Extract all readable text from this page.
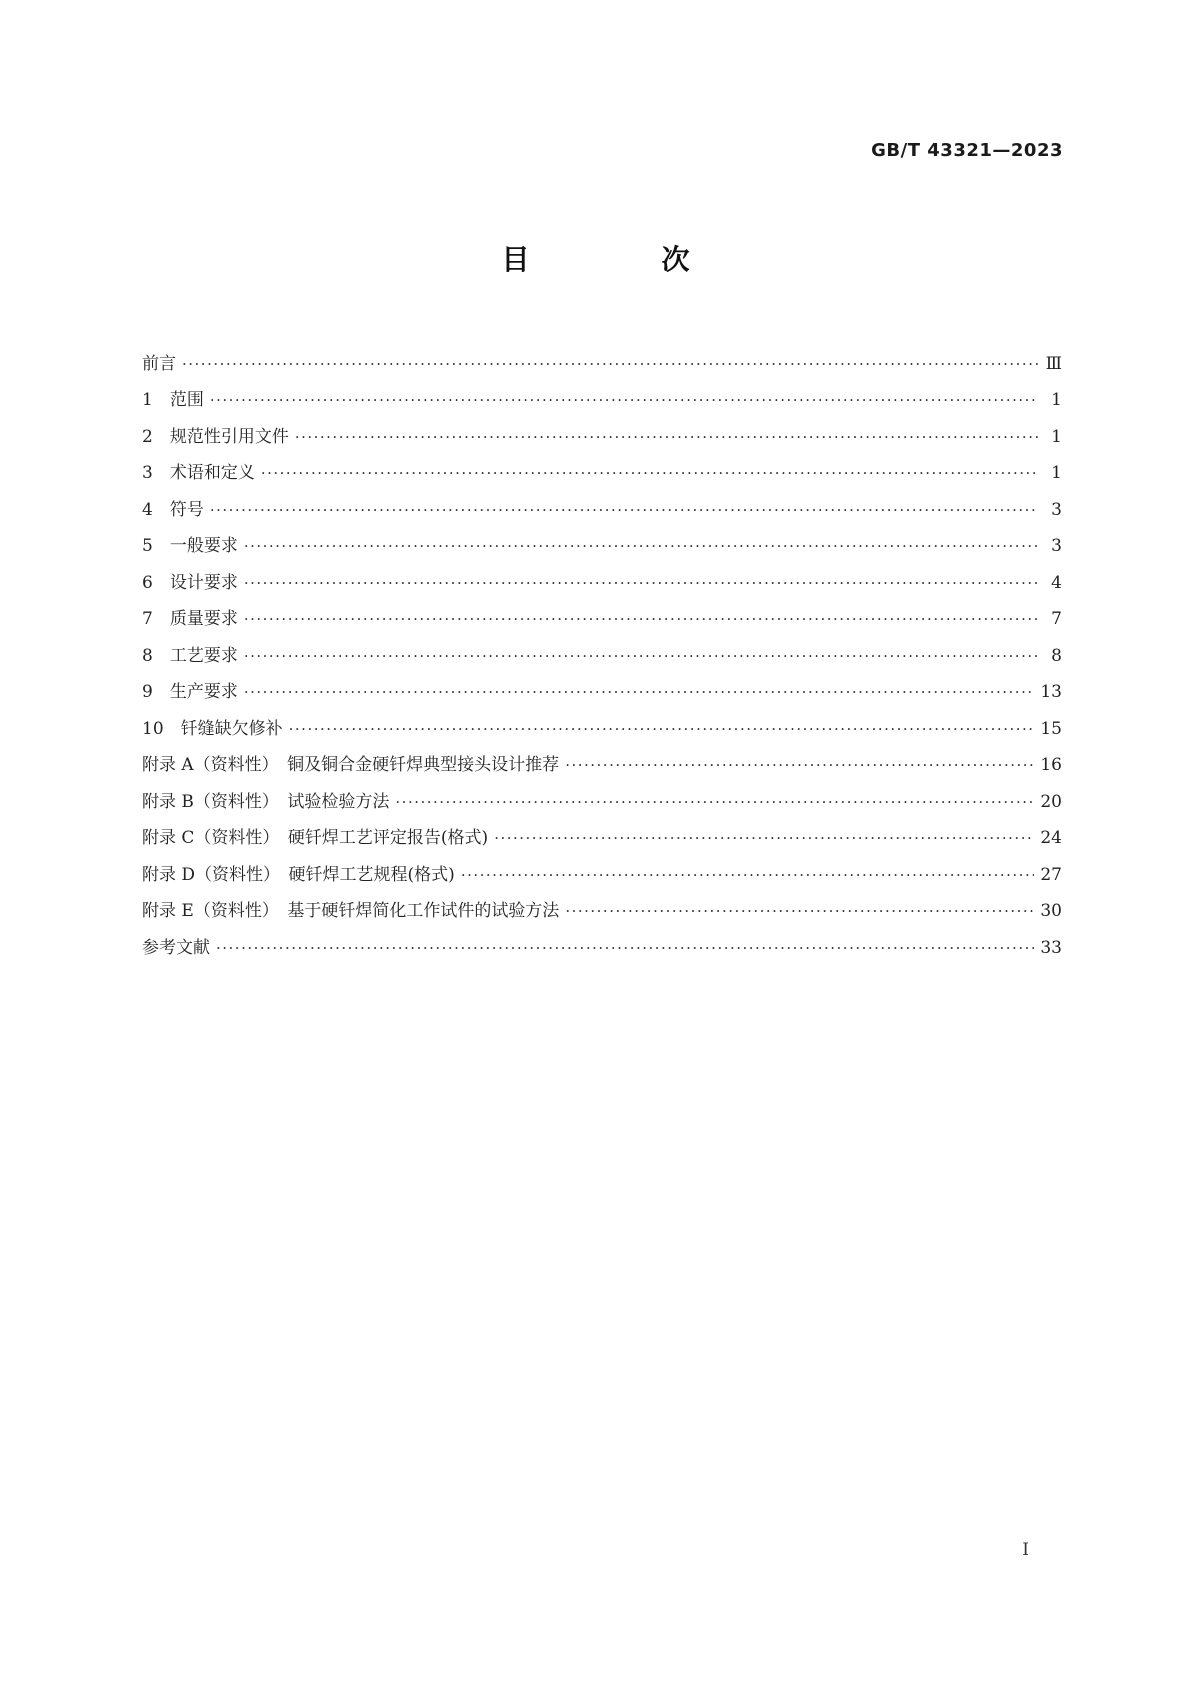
GB/T 43321—2023
目　次
前言 ·····	Ⅲ
1　范围 ·····	1
2　规范性引用文件 ·····	1
3　术语和定义 ·····	1
4　符号 ·····	3
5　一般要求 ·····	3
6　设计要求 ·····	4
7　质量要求 ·····	7
8　工艺要求 ·····	8
9　生产要求 ·····	13
10　钎缝缺欠修补 ·····	15
附录 A（资料性）　铜及铜合金硬钎焊典型接头设计推荐 ·····	16
附录 B（资料性）　试验检验方法 ·····	20
附录 C（资料性）　硬钎焊工艺评定报告(格式) ·····	24
附录 D（资料性）　硬钎焊工艺规程(格式) ·····	27
附录 E（资料性）　基于硬钎焊简化工作试件的试验方法 ·····	30
参考文献 ·····	33
I
